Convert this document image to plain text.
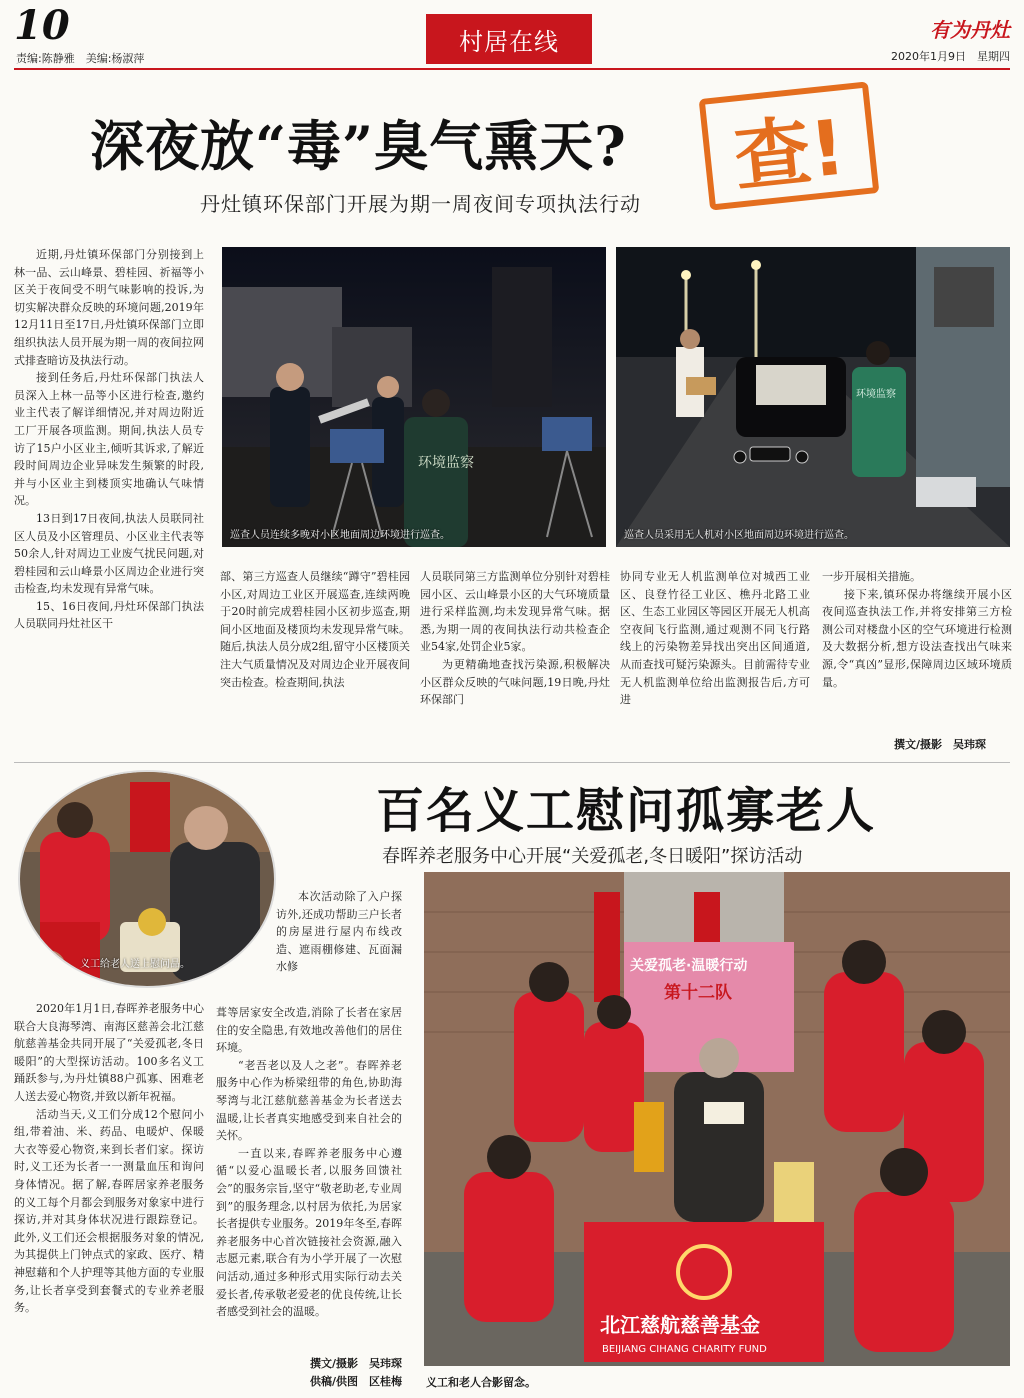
10
责编:陈静雅　美编:杨淑萍
村居在线	有为丹灶
2020年1月9日　星期四
深夜放“毒”臭气熏天?	查!
丹灶镇环保部门开展为期一周夜间专项执法行动

近期,丹灶镇环保部门分别接到上林一品、云山峰景、碧桂园、祈福等小区关于夜间受不明气味影响的投诉,为切实解决群众反映的环境问题,2019年12月11日至17日,丹灶镇环保部门立即组织执法人员开展为期一周的夜间拉网式排查暗访及执法行动。

接到任务后,丹灶环保部门执法人员深入上林一品等小区进行检查,邀约业主代表了解详细情况,并对周边附近工厂开展各项监测。期间,执法人员专访了15户小区业主,倾听其诉求,了解近段时间周边企业异味发生频繁的时段,并与小区业主到楼顶实地确认气味情况。

13日到17日夜间,执法人员联同社区人员及小区管理员、小区业主代表等50余人,针对周边工业废气扰民问题,对碧桂园和云山峰景小区周边企业进行突击检查,均未发现有异常气味。

15、16日夜间,丹灶环保部门执法人员联同丹灶社区干

环境监察
巡查人员连续多晚对小区地面周边环境进行巡查。
环境监察
巡查人员采用无人机对小区地面周边环境进行巡查。

部、第三方巡查人员继续“蹲守”碧桂园小区,对周边工业区开展巡查,连续两晚于20时前完成碧桂园小区初步巡查,期间小区地面及楼顶均未发现异常气味。随后,执法人员分成2组,留守小区楼顶关注大气质量情况及对周边企业开展夜间突击检查。检查期间,执法

人员联同第三方监测单位分别针对碧桂园小区、云山峰景小区的大气环境质量进行采样监测,均未发现异常气味。据悉,为期一周的夜间执法行动共检查企业54家,处罚企业5家。

为更精确地查找污染源,积极解决小区群众反映的气味问题,19日晚,丹灶环保部门

协同专业无人机监测单位对城西工业区、良登竹径工业区、樵丹北路工业区、生态工业园区等园区开展无人机高空夜间飞行监测,通过观测不同飞行路线上的污染物差异找出突出区间通道,从而查找可疑污染源头。目前需待专业无人机监测单位给出监测报告后,方可进

一步开展相关措施。

接下来,镇环保办将继续开展小区夜间巡查执法工作,并将安排第三方检测公司对楼盘小区的空气环境进行检测及大数据分析,想方设法查找出气味来源,令“真凶”显形,保障周边区域环境质量。

撰文/摄影　吴玮琛
义工给老人送上慰问品。
百名义工慰问孤寡老人
春晖养老服务中心开展“关爱孤老,冬日暖阳”探访活动

2020年1月1日,春晖养老服务中心联合大良海琴湾、南海区慈善会北江慈航慈善基金共同开展了“关爱孤老,冬日暖阳”的大型探访活动。100多名义工踊跃参与,为丹灶镇88户孤寡、困难老人送去爱心物资,并致以新年祝福。

活动当天,义工们分成12个慰问小组,带着油、米、药品、电暖炉、保暖大衣等爱心物资,来到长者们家。探访时,义工还为长者一一测量血压和询问身体情况。据了解,春晖居家养老服务的义工每个月都会到服务对象家中进行探访,并对其身体状况进行跟踪登记。此外,义工们还会根据服务对象的情况,为其提供上门钟点式的家政、医疗、精神慰藉和个人护理等其他方面的专业服务,让长者享受到套餐式的专业养老服务。

本次活动除了入户探访外,还成功帮助三户长者的房屋进行屋内布线改造、遮雨棚修建、瓦面漏水修

葺等居家安全改造,消除了长者在家居住的安全隐患,有效地改善他们的居住环境。

“老吾老以及人之老”。春晖养老服务中心作为桥梁纽带的角色,协助海琴湾与北江慈航慈善基金为长者送去温暖,让长者真实地感受到来自社会的关怀。

一直以来,春晖养老服务中心遵循“以爱心温暖长者,以服务回馈社会”的服务宗旨,坚守“敬老助老,专业周到”的服务理念,以村居为依托,为居家长者提供专业服务。2019年冬至,春晖养老服务中心首次链接社会资源,融入志愿元素,联合有为小学开展了一次慰问活动,通过多种形式用实际行动去关爱长者,传承敬老爱老的优良传统,让长者感受到社会的温暖。

撰文/摄影　吴玮琛
供稿/供图　区桂梅
关爱孤老·温暖行动
第十二队
北江慈航慈善基金
BEIJIANG CIHANG CHARITY FUND
义工和老人合影留念。
